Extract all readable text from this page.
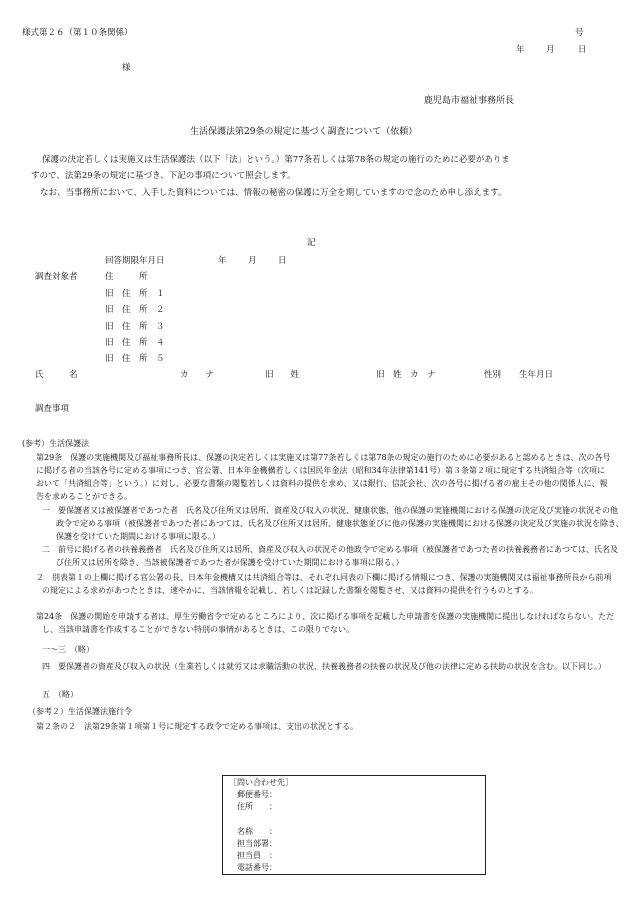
様式第２６（第１０条関係）	号
年	月	日
様
鹿児島市福祉事務所長
生活保護法第29条の規定に基づく調査について（依頼）
保護の決定若しくは実施又は生活保護法（以下「法」という。）第77条若しくは第78条の規定の施行のために必要がありま
すので、法第29条の規定に基づき、下記の事項について照会します。
なお、当事務所において、入手した資料については、情報の秘密の保護に万全を期していますので念のため申し添えます。
記
回答期限年月日	年	月	日
調査対象者	住　　　所
旧　住　所　１
旧　住　所　２
旧　住　所　３
旧　住　所　４
旧　住　所　５
氏　　　名	カ　　ナ	旧　　姓	旧　姓　カ　ナ	性別 生年月日
調査事項
(参考）生活保護法
第29条　保護の実施機関及び福祉事務所長は、保護の決定若しくは実施又は第77条若しくは第78条の規定の施行のために必要があると認めるときは、次の各号に掲げる者の当該各号に定める事項につき、官公署、日本年金機構若しくは国民年金法（昭和34年法律第141号）第３条第２項に規定する共済組合等（次項において「共済組合等」という。）に対し、必要な書類の閲覧若しくは資料の提供を求め、又は銀行、信託会社、次の各号に掲げる者の雇主その他の関係人に、報告を求めることができる。
一　要保護者又は被保護者であつた者　氏名及び住所又は居所、資産及び収入の状況、健康状態、他の保護の実施機関における保護の決定及び実施の状況その他政令で定める事項（被保護者であつた者にあつては、氏名及び住所又は居所、健康状態並びに他の保護の実施機関における保護の決定及び実施の状況を除き、保護を受けていた期間における事項に限る。）
二　前号に掲げる者の扶養義務者　氏名及び住所又は居所、資産及び収入の状況その他政令で定める事項（被保護者であつた者の扶養義務者にあつては、氏名及び住所又は居所を除き、当該被保護者であつた者が保護を受けていた期間における事項に限る。）
２　別表第１の上欄に掲げる官公署の長、日本年金機構又は共済組合等は、それぞれ同表の下欄に掲げる情報につき、保護の実施機関又は福祉事務所長から前項の規定による求めがあつたときは、速やかに、当該情報を記載し、若しくは記録した書類を閲覧させ、又は資料の提供を行うものとする。
第24条　保護の開始を申請する者は、厚生労働省令で定めるところにより、次に掲げる事項を記載した申請書を保護の実施機関に提出しなければならない。ただし、当該申請書を作成することができない特別の事情があるときは、この限りでない。
一〜三　（略）
四　要保護者の資産及び収入の状況（生業若しくは就労又は求職活動の状況、扶養義務者の扶養の状況及び他の法律に定める扶助の状況を含む。以下同じ。）
五　（略）
（参考２）生活保護法施行令
第２条の２　法第29条第１項第１号に規定する政令で定める事項は、支出の状況とする。
［問い合わせ先］
郵便番号：
住所　　：
名称　　：
担当部署：
担当員　：
電話番号：
